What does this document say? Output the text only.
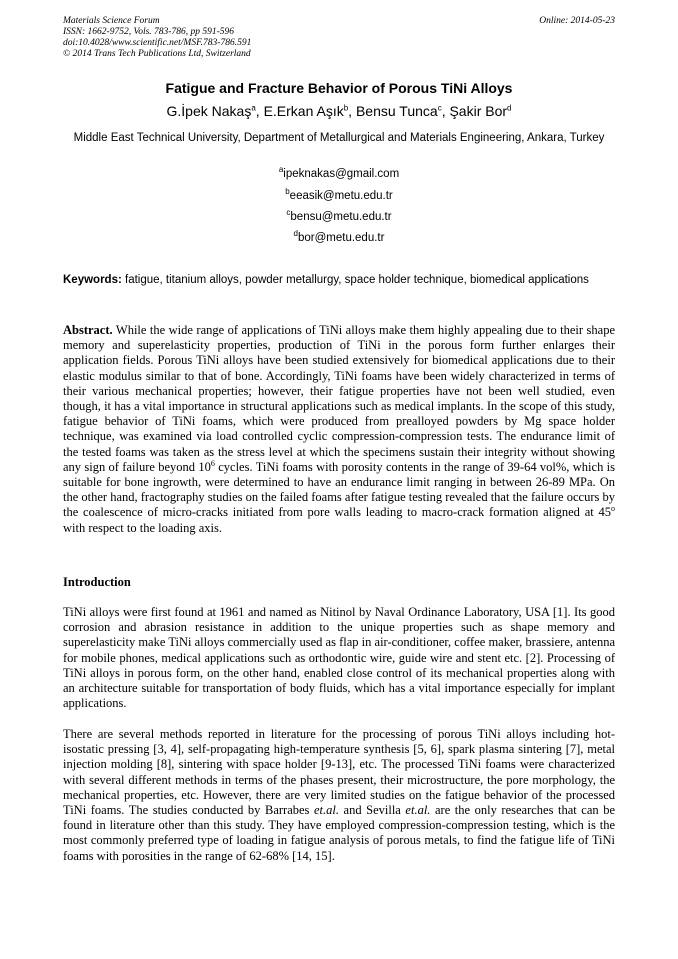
Materials Science Forum
ISSN: 1662-9752, Vols. 783-786, pp 591-596
doi:10.4028/www.scientific.net/MSF.783-786.591
© 2014 Trans Tech Publications Ltd, Switzerland
Online: 2014-05-23
Fatigue and Fracture Behavior of Porous TiNi Alloys
G.İpek Nakaş$^a$, E.Erkan Aşık$^b$, Bensu Tunca$^c$, Şakir Bor$^d$
Middle East Technical University, Department of Metallurgical and Materials Engineering, Ankara, Turkey
$^a$ipeknakas@gmail.com
$^b$eeasik@metu.edu.tr
$^c$bensu@metu.edu.tr
$^d$bor@metu.edu.tr
Keywords: fatigue, titanium alloys, powder metallurgy, space holder technique, biomedical applications
Abstract. While the wide range of applications of TiNi alloys make them highly appealing due to their shape memory and superelasticity properties, production of TiNi in the porous form further enlarges their application fields. Porous TiNi alloys have been studied extensively for biomedical applications due to their elastic modulus similar to that of bone. Accordingly, TiNi foams have been widely characterized in terms of their various mechanical properties; however, their fatigue properties have not been well studied, even though, it has a vital importance in structural applications such as medical implants. In the scope of this study, fatigue behavior of TiNi foams, which were produced from prealloyed powders by Mg space holder technique, was examined via load controlled cyclic compression-compression tests. The endurance limit of the tested foams was taken as the stress level at which the specimens sustain their integrity without showing any sign of failure beyond $10^6$ cycles. TiNi foams with porosity contents in the range of 39-64 vol%, which is suitable for bone ingrowth, were determined to have an endurance limit ranging in between 26-89 MPa. On the other hand, fractography studies on the failed foams after fatigue testing revealed that the failure occurs by the coalescence of micro-cracks initiated from pore walls leading to macro-crack formation aligned at 45$^o$ with respect to the loading axis.
Introduction
TiNi alloys were first found at 1961 and named as Nitinol by Naval Ordinance Laboratory, USA [1]. Its good corrosion and abrasion resistance in addition to the unique properties such as shape memory and superelasticity make TiNi alloys commercially used as flap in air-conditioner, coffee maker, brassiere, antenna for mobile phones, medical applications such as orthodontic wire, guide wire and stent etc. [2]. Processing of TiNi alloys in porous form, on the other hand, enabled close control of its mechanical properties along with an architecture suitable for transportation of body fluids, which has a vital importance especially for implant applications.
There are several methods reported in literature for the processing of porous TiNi alloys including hot-isostatic pressing [3, 4], self-propagating high-temperature synthesis [5, 6], spark plasma sintering [7], metal injection molding [8], sintering with space holder [9-13], etc. The processed TiNi foams were characterized with several different methods in terms of the phases present, their microstructure, the pore morphology, the mechanical properties, etc. However, there are very limited studies on the fatigue behavior of the processed TiNi foams. The studies conducted by Barrabes et.al. and Sevilla et.al. are the only researches that can be found in literature other than this study. They have employed compression-compression testing, which is the most commonly preferred type of loading in fatigue analysis of porous metals, to find the fatigue life of TiNi foams with porosities in the range of 62-68% [14, 15].
